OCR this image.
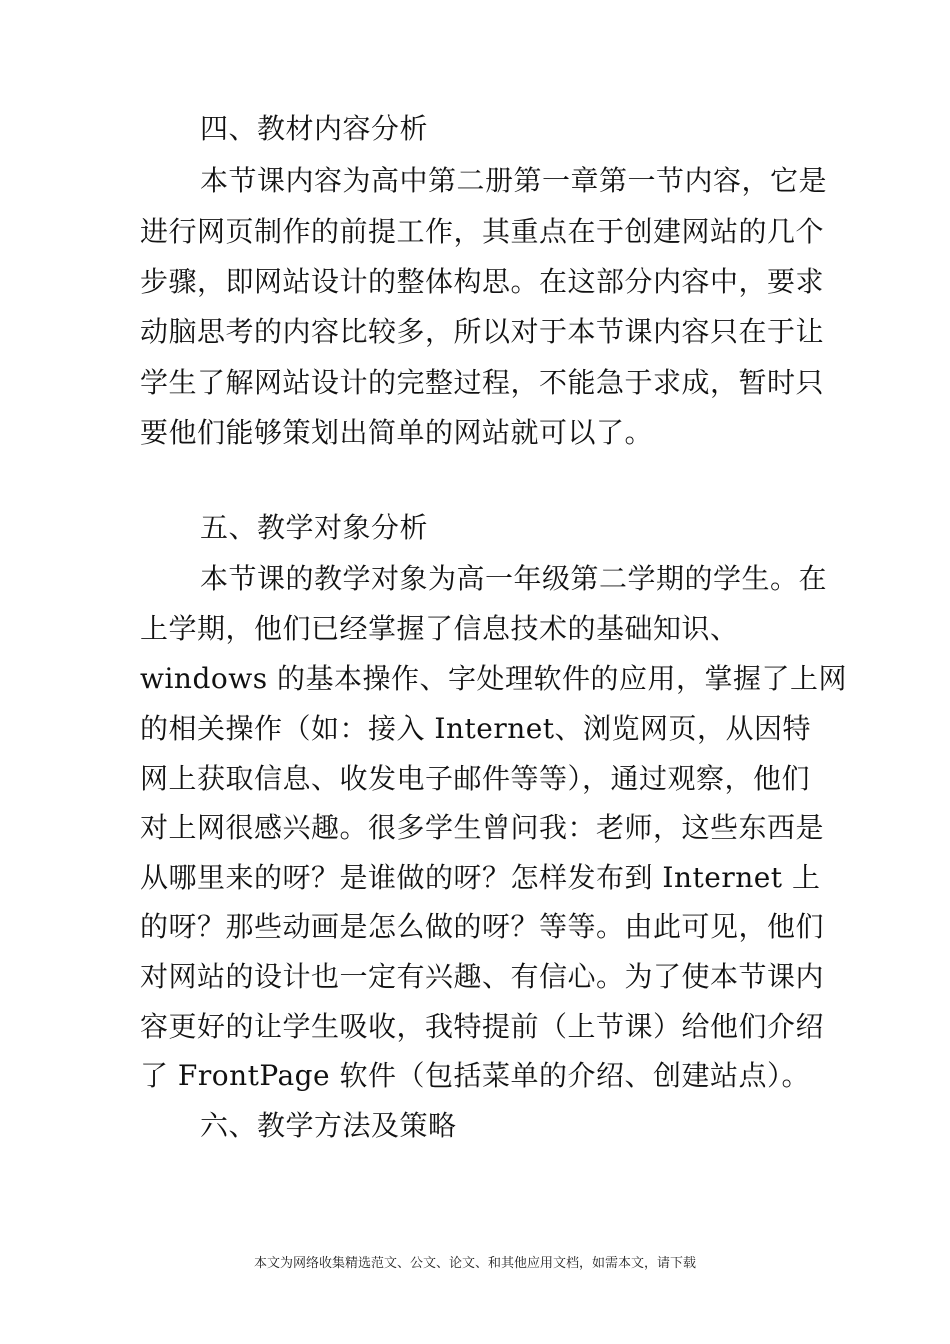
四、教材内容分析
本节课内容为高中第二册第一章第一节内容，它是
进行网页制作的前提工作，其重点在于创建网站的几个
步骤，即网站设计的整体构思。在这部分内容中，要求
动脑思考的内容比较多，所以对于本节课内容只在于让
学生了解网站设计的完整过程，不能急于求成，暂时只
要他们能够策划出简单的网站就可以了。
五、教学对象分析
本节课的教学对象为高一年级第二学期的学生。在
上学期，他们已经掌握了信息技术的基础知识、
windows 的基本操作、字处理软件的应用，掌握了上网
的相关操作（如：接入 Internet、浏览网页，从因特
网上获取信息、收发电子邮件等等），通过观察，他们
对上网很感兴趣。很多学生曾问我：老师，这些东西是
从哪里来的呀？是谁做的呀？怎样发布到 Internet 上
的呀？那些动画是怎么做的呀？等等。由此可见，他们
对网站的设计也一定有兴趣、有信心。为了使本节课内
容更好的让学生吸收，我特提前（上节课）给他们介绍
了 FrontPage 软件（包括菜单的介绍、创建站点）。
六、教学方法及策略
本文为网络收集精选范文、公文、论文、和其他应用文档，如需本文，请下载
